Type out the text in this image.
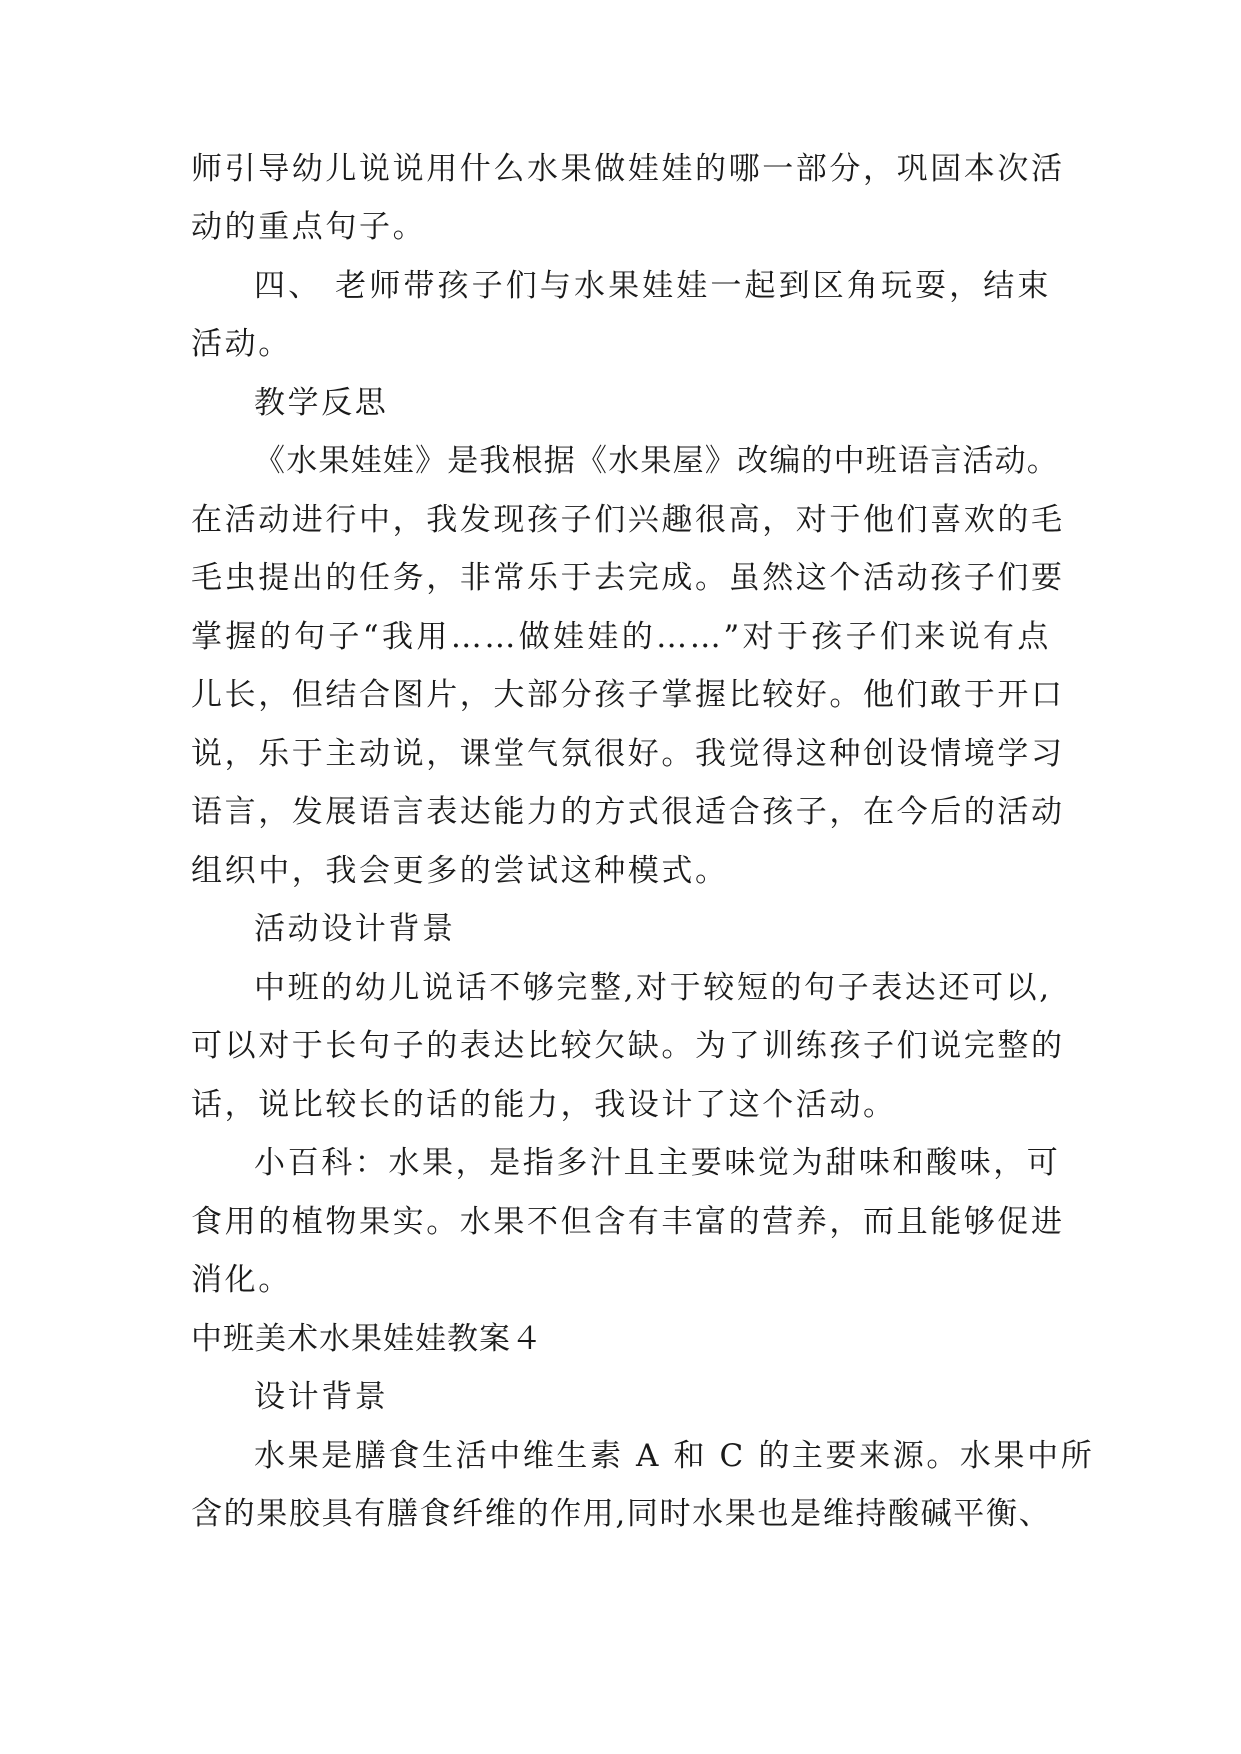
师引导幼儿说说用什么水果做娃娃的哪一部分，巩固本次活
动的重点句子。
四、 老师带孩子们与水果娃娃一起到区角玩耍，结束
活动。
教学反思
《水果娃娃》是我根据《水果屋》改编的中班语言活动。
在活动进行中，我发现孩子们兴趣很高，对于他们喜欢的毛
毛虫提出的任务，非常乐于去完成。虽然这个活动孩子们要
掌握的句子“我用……做娃娃的……”对于孩子们来说有点
儿长，但结合图片，大部分孩子掌握比较好。他们敢于开口
说，乐于主动说，课堂气氛很好。我觉得这种创设情境学习
语言，发展语言表达能力的方式很适合孩子，在今后的活动
组织中，我会更多的尝试这种模式。
活动设计背景
中班的幼儿说话不够完整,对于较短的句子表达还可以,
可以对于长句子的表达比较欠缺。为了训练孩子们说完整的
话，说比较长的话的能力，我设计了这个活动。
小百科：水果，是指多汁且主要味觉为甜味和酸味，可
食用的植物果实。水果不但含有丰富的营养，而且能够促进
消化。
中班美术水果娃娃教案４
设计背景
水果是膳食生活中维生素 A 和 C 的主要来源。水果中所
含的果胶具有膳食纤维的作用,同时水果也是维持酸碱平衡、
